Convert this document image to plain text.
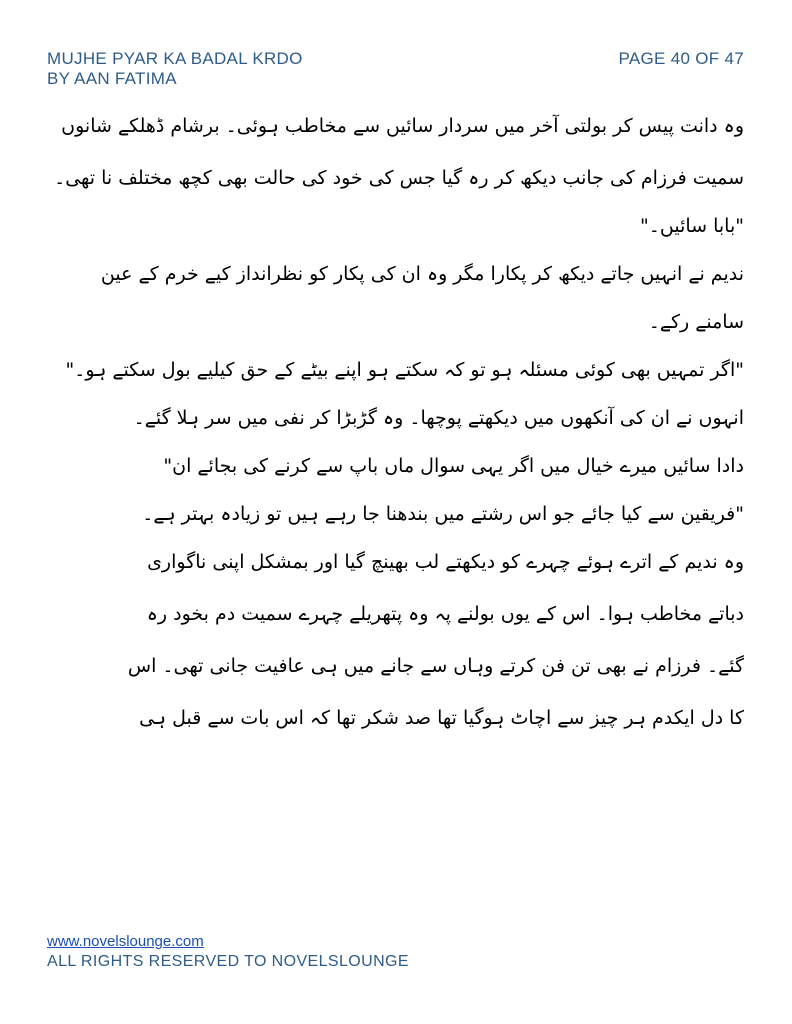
MUJHE PYAR KA BADAL KRDO
BY AAN FATIMA
PAGE 40 OF 47
وہ دانت پیس کر بولتی آخر میں سردار سائیں سے مخاطب ہوئی۔ برشام ڈھلکے شانوں
سمیت فرزام کی جانب دیکھ کر رہ گیا جس کی خود کی حالت بھی کچھ مختلف نا تھی۔
"بابا سائیں۔"
ندیم نے انہیں جاتے دیکھ کر پکارا مگر وہ ان کی پکار کو نظرانداز کیے خرم کے عین
سامنے رکے۔
"اگر تمہیں بھی کوئی مسئلہ ہو تو کہ سکتے ہو اپنے بیٹے کے حق کیلیے بول سکتے ہو۔"
انہوں نے ان کی آنکھوں میں دیکھتے پوچھا۔ وہ گڑبڑا کر نفی میں سر ہلا گئے۔
دادا سائیں میرے خیال میں اگر یہی سوال ماں باپ سے کرنے کی بجائے ان"
"فریقین سے کیا جائے جو اس رشتے میں بندھنا جا رہے ہیں تو زیادہ بہتر ہے۔
وہ ندیم کے اترے ہوئے چہرے کو دیکھتے لب بھینچ گیا اور بمشکل اپنی ناگواری
دباتے مخاطب ہوا۔ اس کے یوں بولنے پہ وہ پتھریلے چہرے سمیت دم بخود رہ
گئے۔ فرزام نے بھی تن فن کرتے وہاں سے جانے میں ہی عافیت جانی تھی۔ اس
کا دل ایکدم ہر چیز سے اچاٹ ہوگیا تھا صد شکر تھا کہ اس بات سے قبل ہی
www.novelslounge.com
ALL RIGHTS RESERVED TO NOVELSLOUNGE
